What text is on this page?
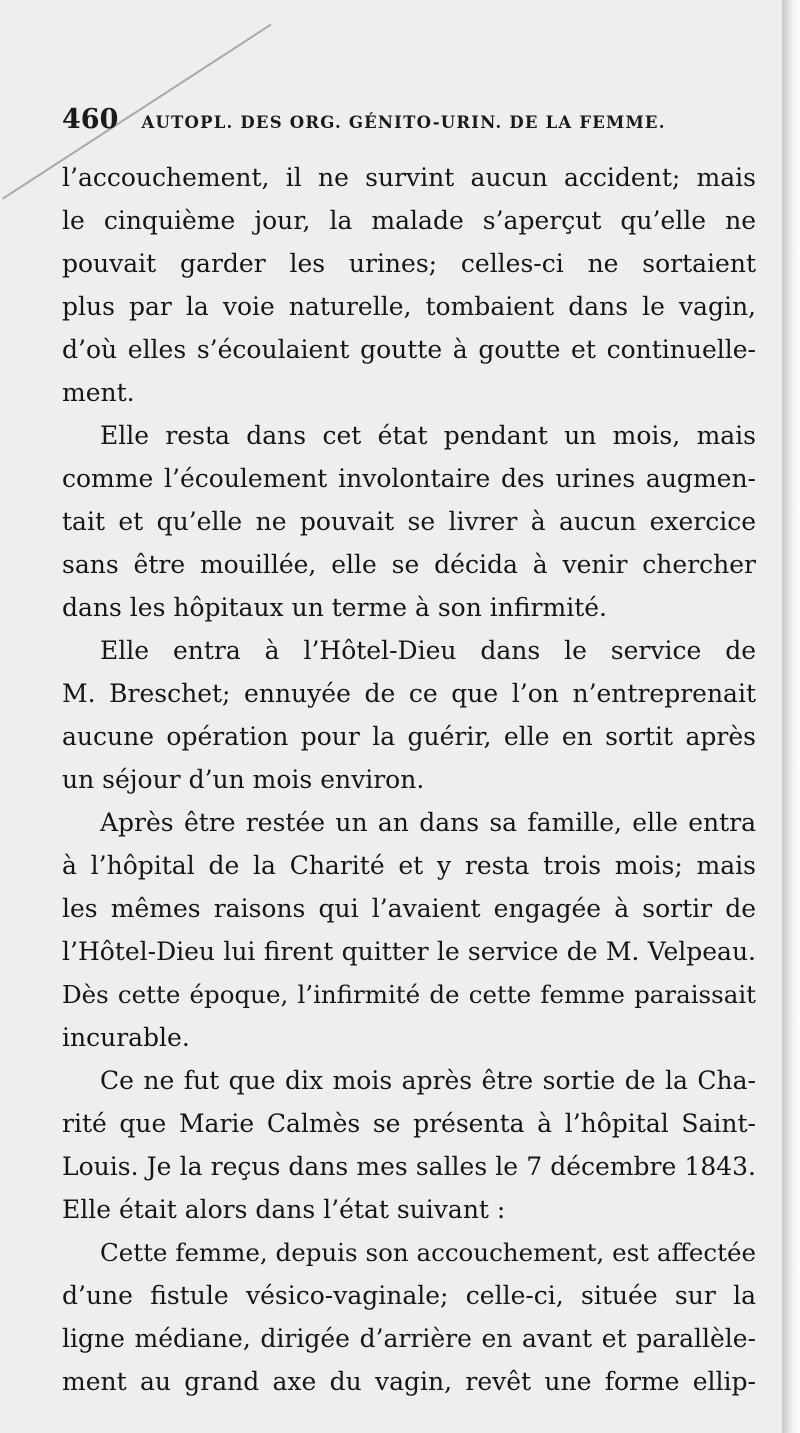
460 AUTOPL. DES ORG. GÉNITO-URIN. DE LA FEMME.
l’accouchement, il ne survint aucun accident; mais
le cinquième jour, la malade s’aperçut qu’elle ne
pouvait garder les urines; celles-ci ne sortaient
plus par la voie naturelle, tombaient dans le vagin,
d’où elles s’écoulaient goutte à goutte et continuelle-
ment.
Elle resta dans cet état pendant un mois, mais
comme l’écoulement involontaire des urines augmen-
tait et qu’elle ne pouvait se livrer à aucun exercice
sans être mouillée, elle se décida à venir chercher
dans les hôpitaux un terme à son infirmité.
Elle entra à l’Hôtel-Dieu dans le service de
M. Breschet; ennuyée de ce que l’on n’entreprenait
aucune opération pour la guérir, elle en sortit après
un séjour d’un mois environ.
Après être restée un an dans sa famille, elle entra
à l’hôpital de la Charité et y resta trois mois; mais
les mêmes raisons qui l’avaient engagée à sortir de
l’Hôtel-Dieu lui firent quitter le service de M. Velpeau.
Dès cette époque, l’infirmité de cette femme paraissait
incurable.
Ce ne fut que dix mois après être sortie de la Cha-
rité que Marie Calmès se présenta à l’hôpital Saint-
Louis. Je la reçus dans mes salles le 7 décembre 1843.
Elle était alors dans l’état suivant :
Cette femme, depuis son accouchement, est affectée
d’une fistule vésico-vaginale; celle-ci, située sur la
ligne médiane, dirigée d’arrière en avant et parallèle-
ment au grand axe du vagin, revêt une forme ellip-
